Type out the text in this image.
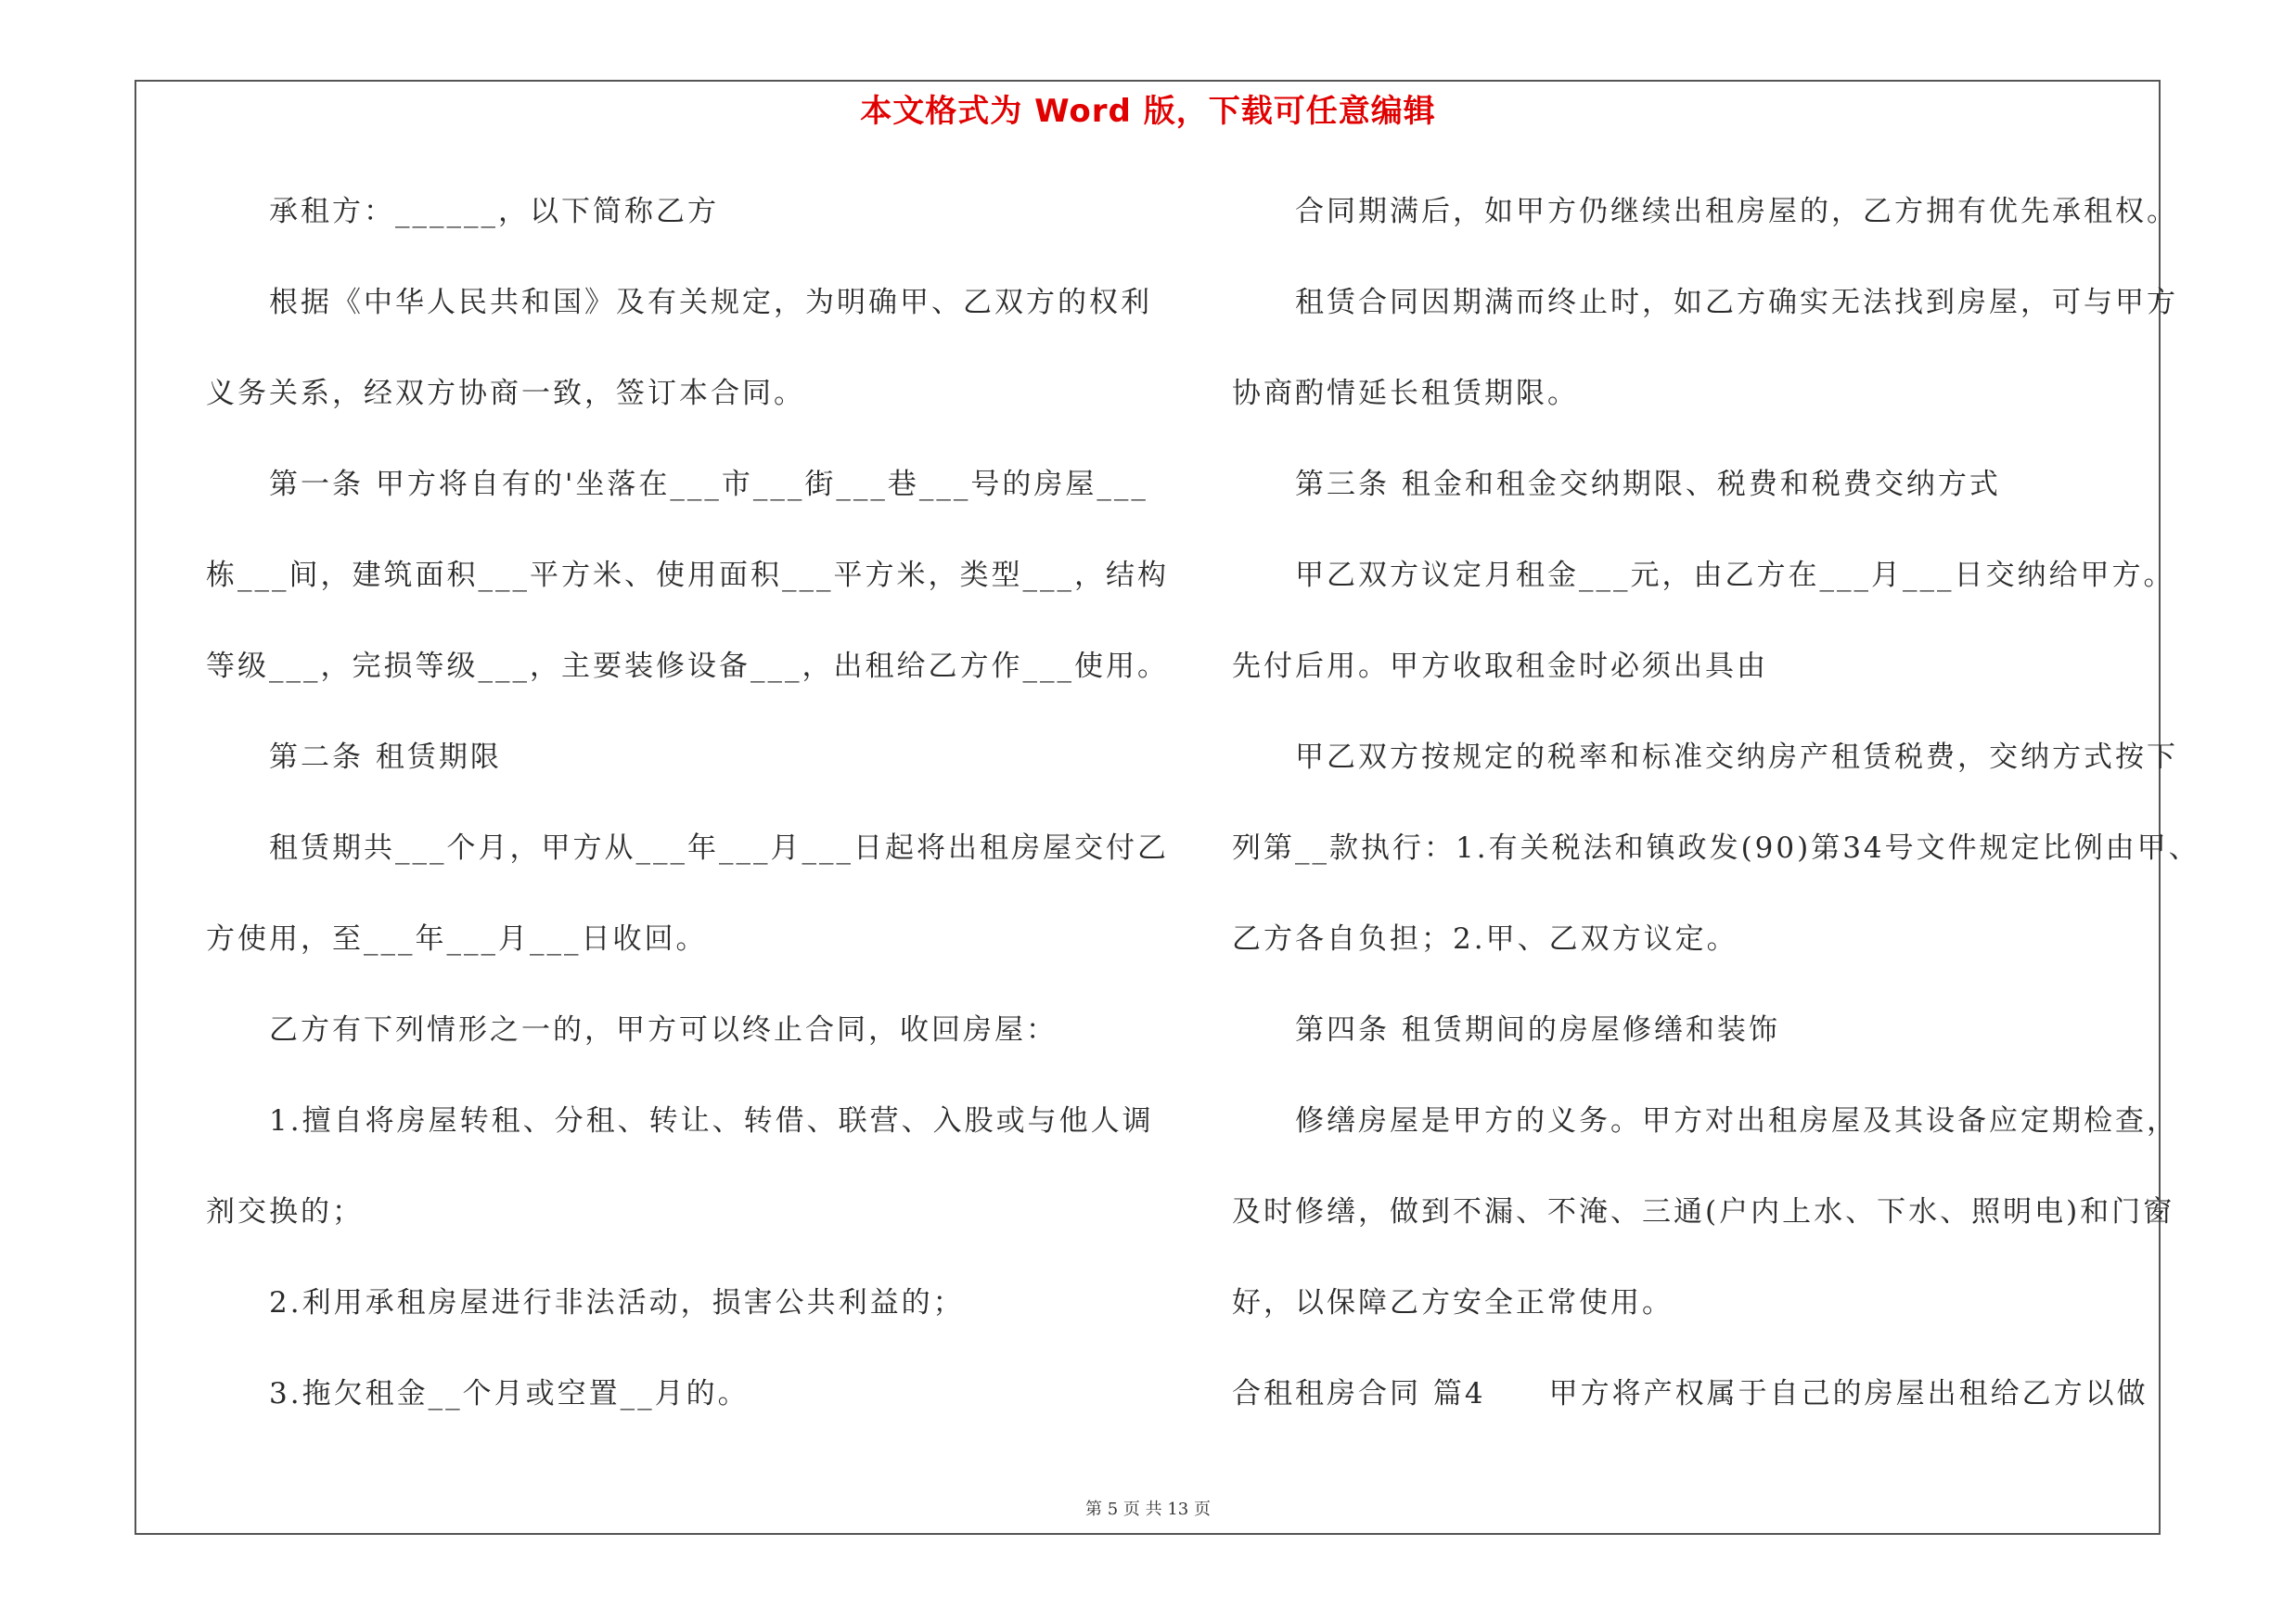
本文格式为 Word 版，下载可任意编辑
　　承租方：______，以下简称乙方
　　根据《中华人民共和国》及有关规定，为明确甲、乙双方的权利
义务关系，经双方协商一致，签订本合同。
　　第一条 甲方将自有的'坐落在___市___街___巷___号的房屋___
栋___间，建筑面积___平方米、使用面积___平方米，类型___，结构
等级___，完损等级___，主要装修设备___，出租给乙方作___使用。
　　第二条 租赁期限
　　租赁期共___个月，甲方从___年___月___日起将出租房屋交付乙
方使用，至___年___月___日收回。
　　乙方有下列情形之一的，甲方可以终止合同，收回房屋：
　　1.擅自将房屋转租、分租、转让、转借、联营、入股或与他人调
剂交换的；
　　2.利用承租房屋进行非法活动，损害公共利益的；
　　3.拖欠租金__个月或空置__月的。
　　合同期满后，如甲方仍继续出租房屋的，乙方拥有优先承租权。
　　租赁合同因期满而终止时，如乙方确实无法找到房屋，可与甲方
协商酌情延长租赁期限。
　　第三条 租金和租金交纳期限、税费和税费交纳方式
　　甲乙双方议定月租金___元，由乙方在___月___日交纳给甲方。
先付后用。甲方收取租金时必须出具由
　　甲乙双方按规定的税率和标准交纳房产租赁税费，交纳方式按下
列第__款执行：1.有关税法和镇政发(90)第34号文件规定比例由甲、
乙方各自负担；2.甲、乙双方议定。
　　第四条 租赁期间的房屋修缮和装饰
　　修缮房屋是甲方的义务。甲方对出租房屋及其设备应定期检查，
及时修缮，做到不漏、不淹、三通(户内上水、下水、照明电)和门窗
好，以保障乙方安全正常使用。
合租租房合同 篇4　　甲方将产权属于自己的房屋出租给乙方以做
第 5 页 共 13 页
